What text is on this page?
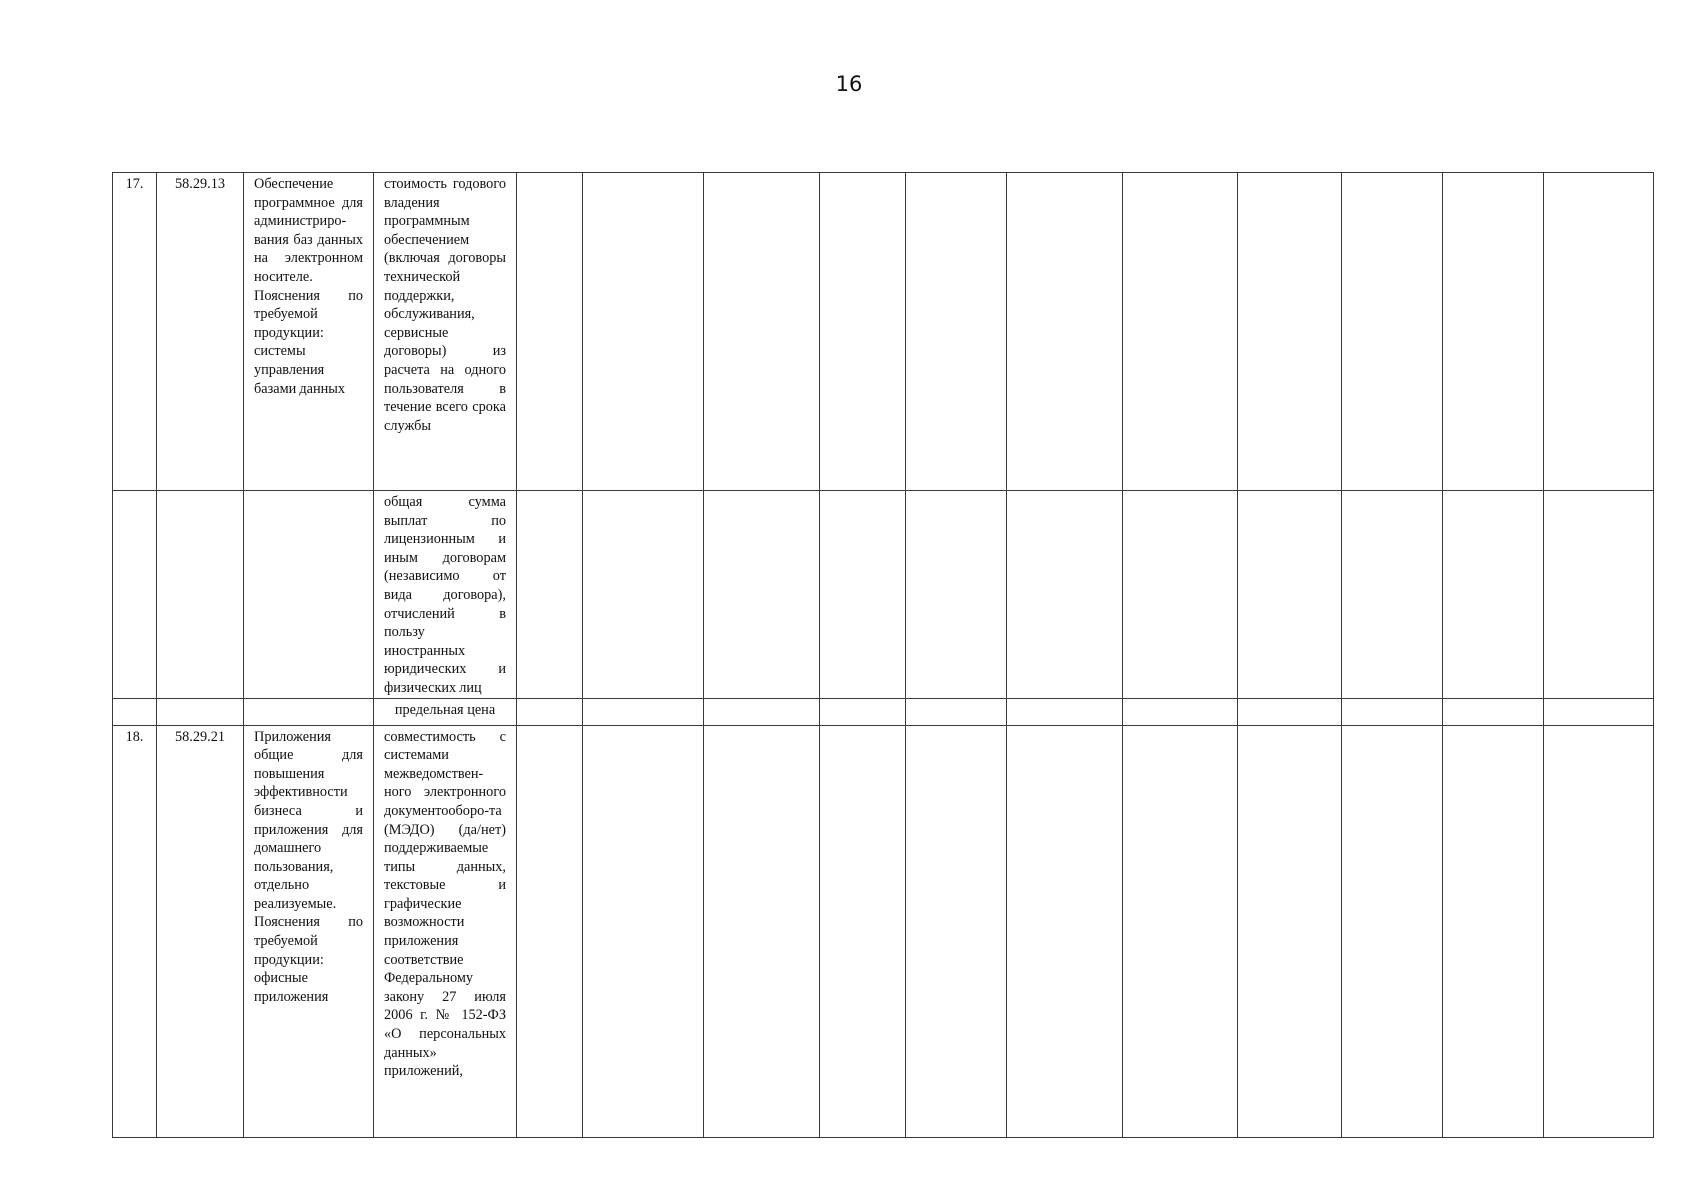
16
17.	58.29.13	Обеспечение программное для администриро-вания баз данных на электронном носителе. Пояснения по требуемой продукции: системы управления базами данных	стоимость годового владения программным обеспечением (включая договоры технической поддержки, обслуживания, сервисные договоры) из расчета на одного пользователя в течение всего срока службы											
			общая сумма выплат по лицензионным и иным договорам (независимо от вида договора), отчислений в пользу иностранных юридических и физических лиц											
			предельная цена											
18.	58.29.21	Приложения общие для повышения эффективности бизнеса и приложения для домашнего пользования, отдельно реализуемые. Пояснения по требуемой продукции: офисные приложения	совместимость с системами межведомствен-ного электронного документооборо-та (МЭДО) (да/нет) поддерживаемые типы данных, текстовые и графические возможности приложения соответствие Федеральному закону 27 июля 2006 г. № 152-ФЗ «О персональных данных» приложений,											
